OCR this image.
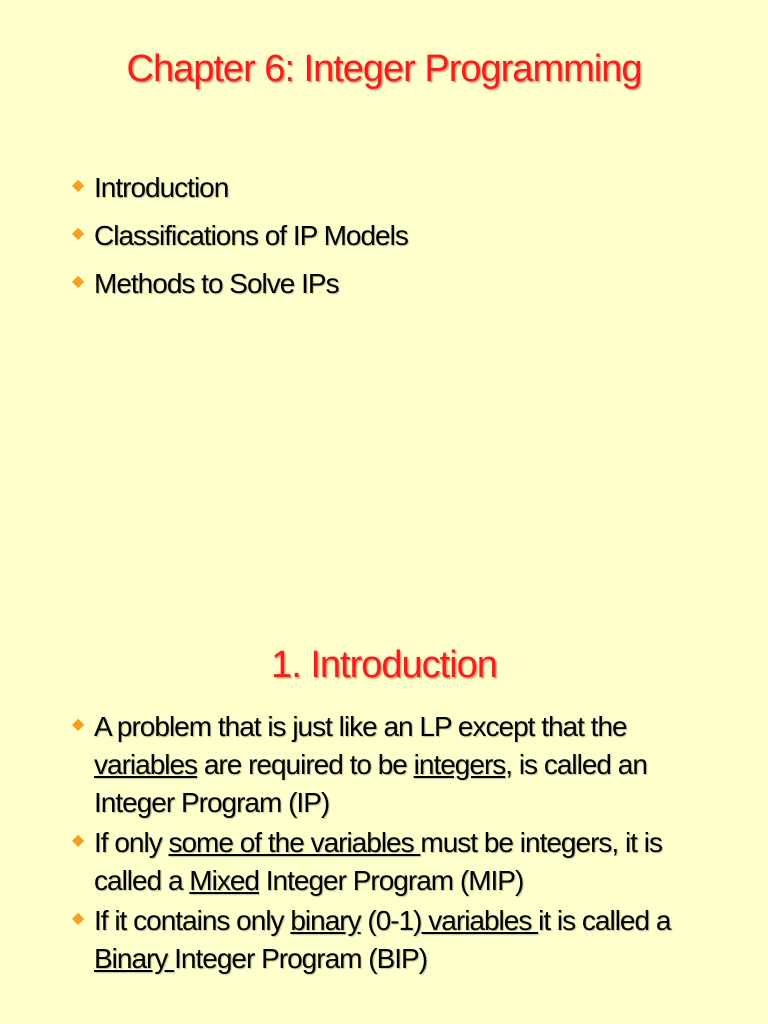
Chapter 6: Integer Programming
◆ Introduction
◆ Classifications of IP Models
◆ Methods to Solve IPs
1. Introduction
◆ A problem that is just like an LP except that the variables are required to be integers, is called an Integer Program (IP)
◆ If only some of the variables must be integers, it is called a Mixed Integer Program (MIP)
◆ If it contains only binary (0-1) variables it is called a Binary Integer Program (BIP)
